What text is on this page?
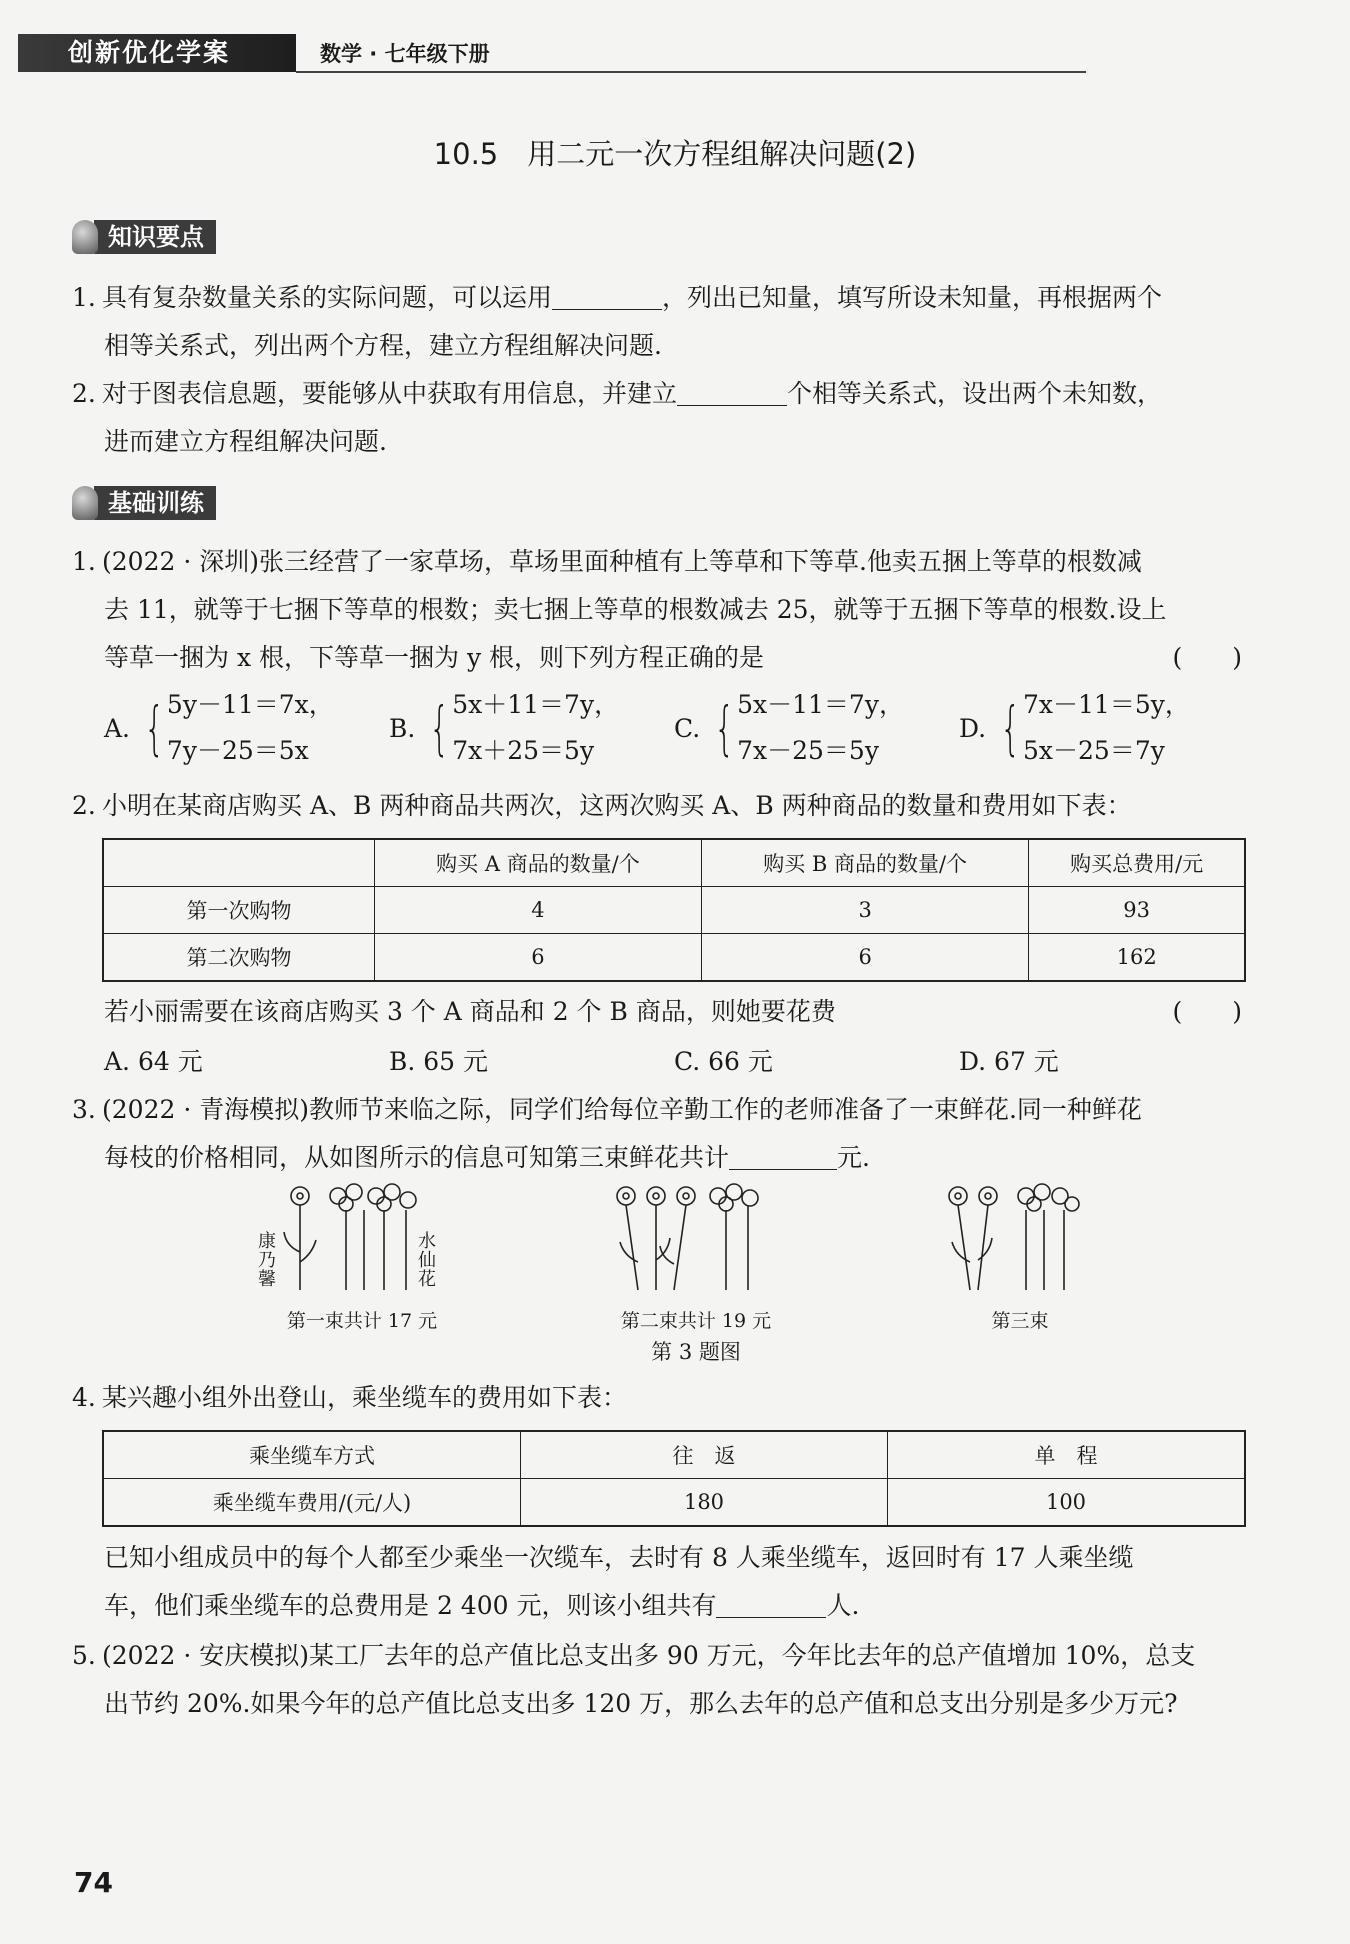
创新优化学案	数学 · 七年级下册
10.5　用二元一次方程组解决问题(2)
知识要点
1. 具有复杂数量关系的实际问题，可以运用	，列出已知量，填写所设未知量，再根据两个
相等关系式，列出两个方程，建立方程组解决问题.
2. 对于图表信息题，要能够从中获取有用信息，并建立	个相等关系式，设出两个未知数，
进而建立方程组解决问题.
基础训练
1. (2022 · 深圳)张三经营了一家草场，草场里面种植有上等草和下等草.他卖五捆上等草的根数减
去 11，就等于七捆下等草的根数；卖七捆上等草的根数减去 25，就等于五捆下等草的根数.设上
等草一捆为 x 根，下等草一捆为 y 根，则下列方程正确的是	(　　)
A. { 5y－11＝7x，
7y－25＝5x
B. { 5x＋11＝7y，
7x＋25＝5y
C. { 5x－11＝7y，
7x－25＝5y
D. { 7x－11＝5y，
5x－25＝7y
2. 小明在某商店购买 A、B 两种商品共两次，这两次购买 A、B 两种商品的数量和费用如下表：
	购买 A 商品的数量/个	购买 B 商品的数量/个	购买总费用/元
第一次购物	4	3	93
第二次购物	6	6	162
若小丽需要在该商店购买 3 个 A 商品和 2 个 B 商品，则她要花费	(　　)
A. 64 元	B. 65 元	C. 66 元	D. 67 元
3. (2022 · 青海模拟)教师节来临之际，同学们给每位辛勤工作的老师准备了一束鲜花.同一种鲜花
每枝的价格相同，从如图所示的信息可知第三束鲜花共计	元.
康乃馨
水仙花
第一束共计 17 元	第二束共计 19 元	第三束
第 3 题图
4. 某兴趣小组外出登山，乘坐缆车的费用如下表：
乘坐缆车方式	往　返	单　程
乘坐缆车费用/(元/人)	180	100
已知小组成员中的每个人都至少乘坐一次缆车，去时有 8 人乘坐缆车，返回时有 17 人乘坐缆
车，他们乘坐缆车的总费用是 2 400 元，则该小组共有	人.
5. (2022 · 安庆模拟)某工厂去年的总产值比总支出多 90 万元，今年比去年的总产值增加 10%，总支
出节约 20%.如果今年的总产值比总支出多 120 万，那么去年的总产值和总支出分别是多少万元?
74
